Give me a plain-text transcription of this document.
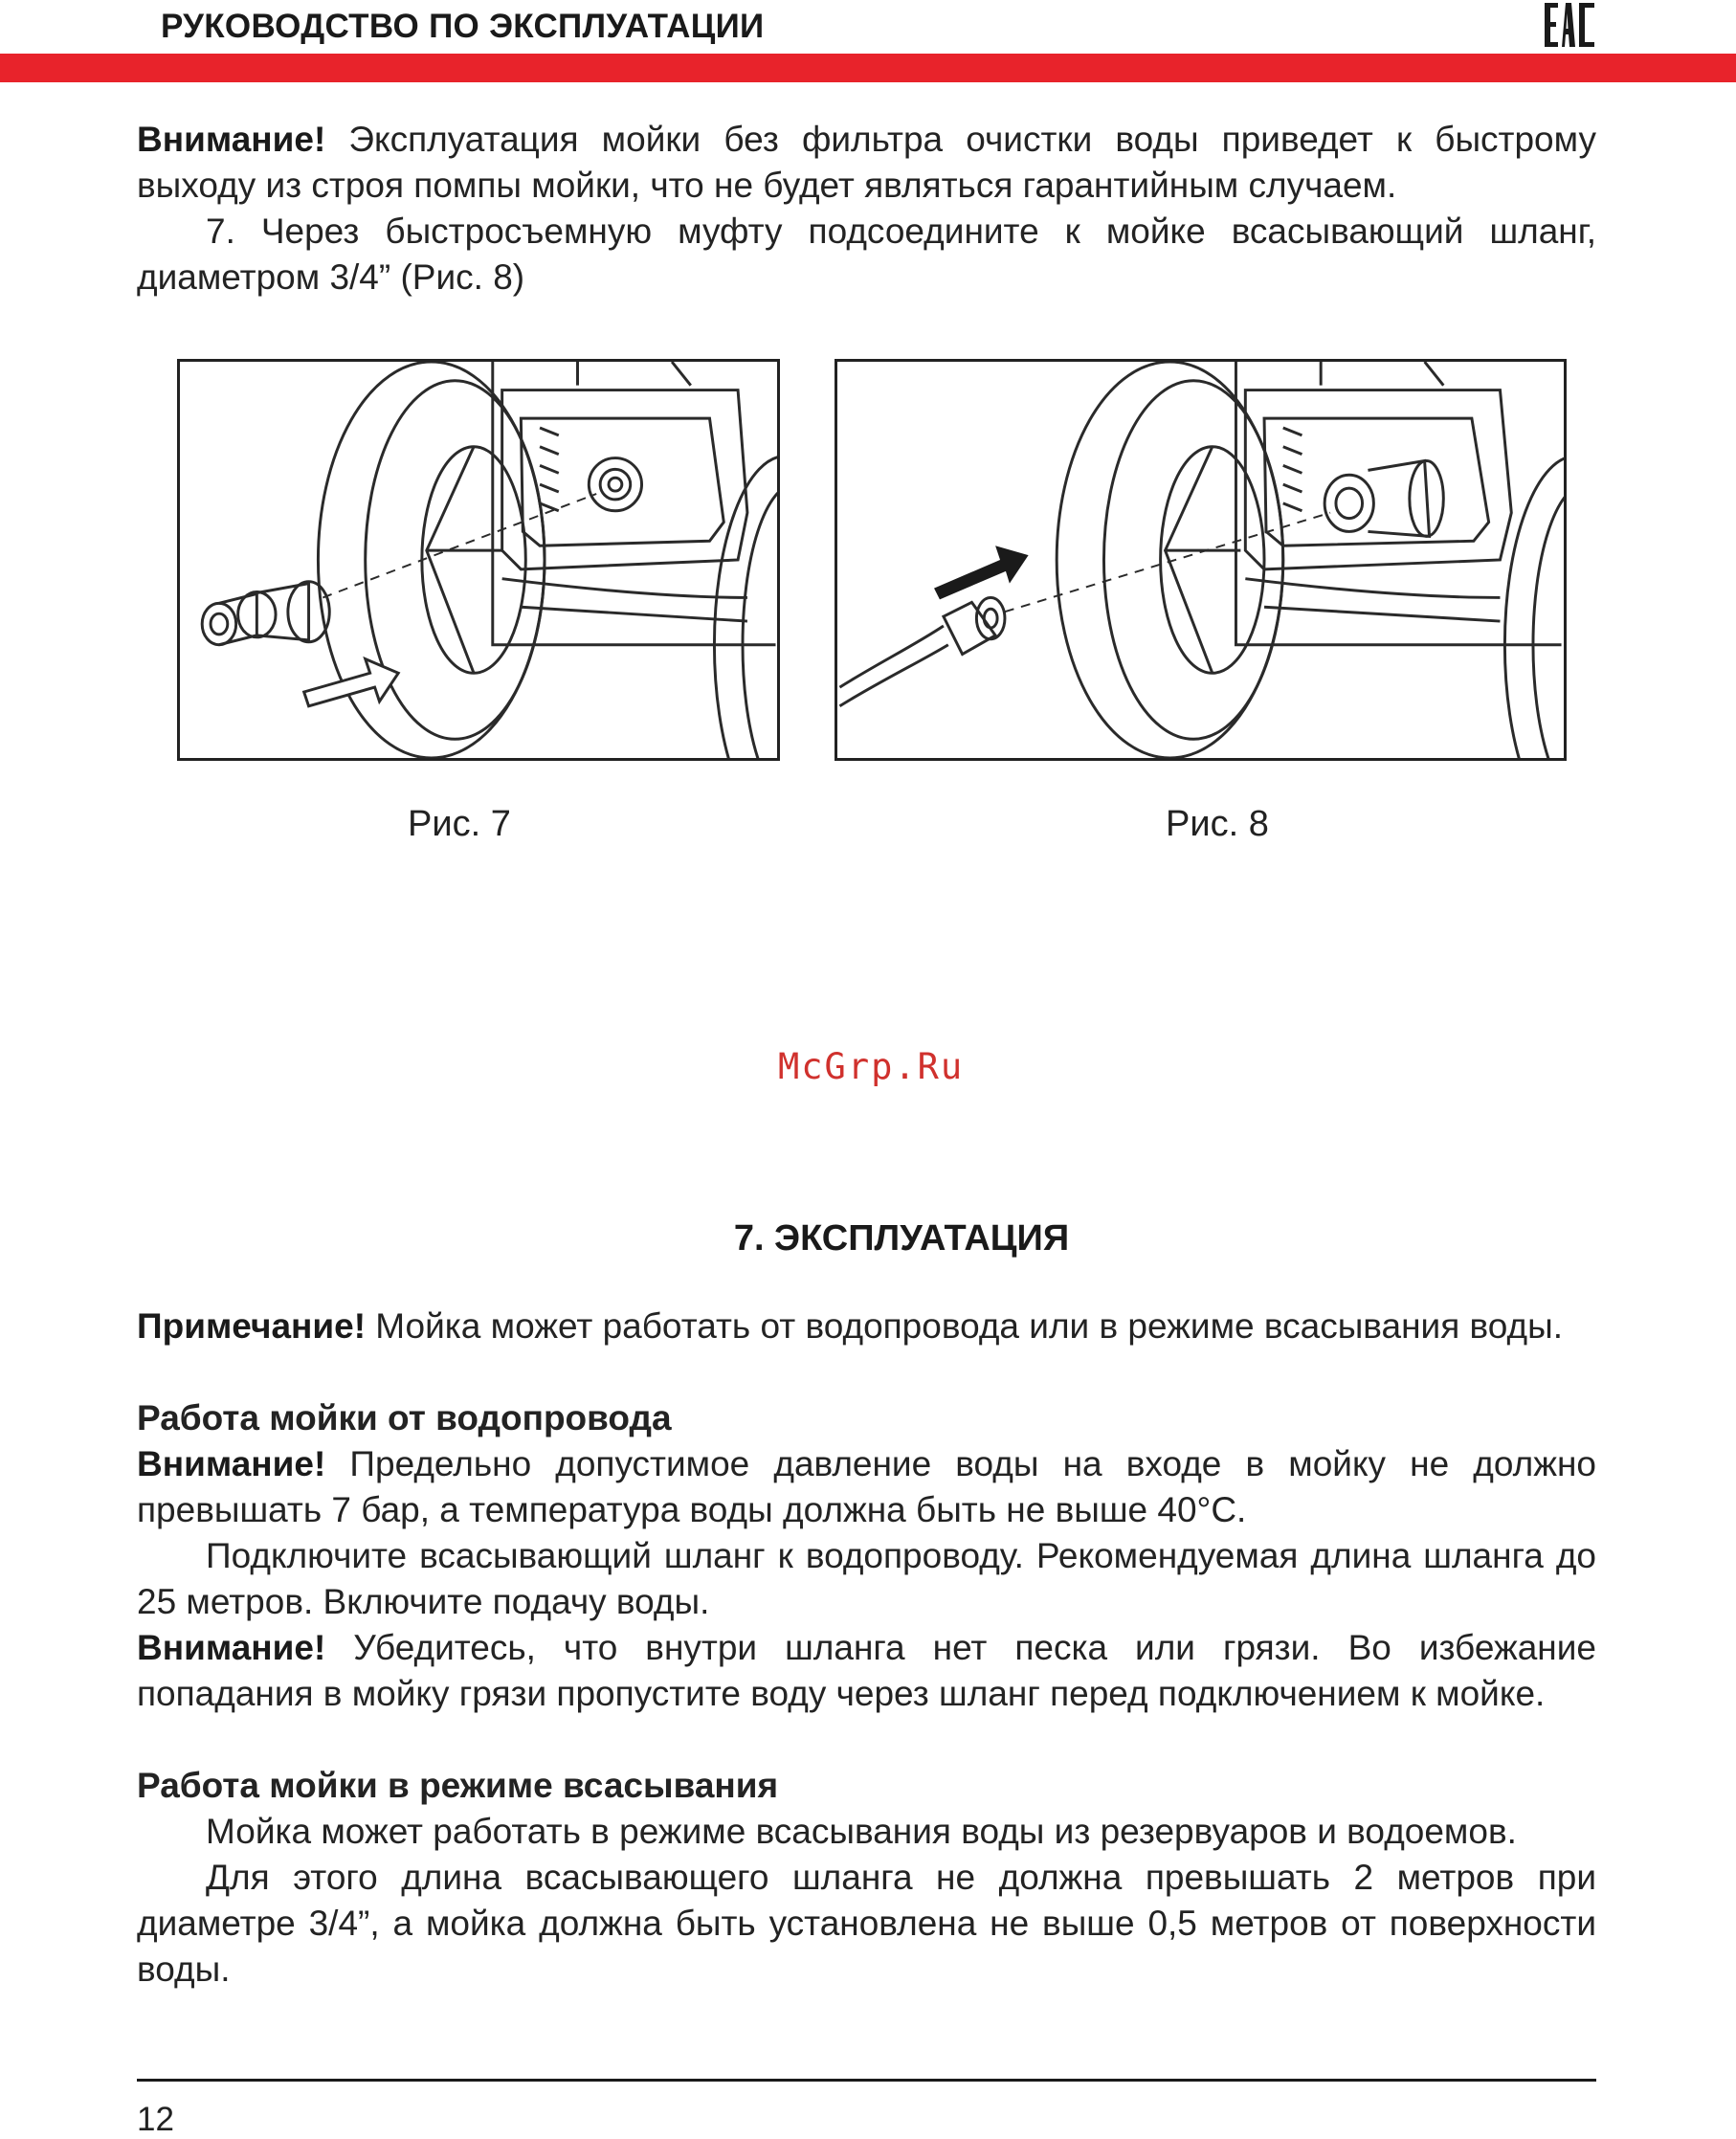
РУКОВОДСТВО ПО ЭКСПЛУАТАЦИИ

Внимание! Эксплуатация мойки без фильтра очистки воды приведет к быстрому выходу из строя помпы мойки, что не будет являться гарантийным случаем.

7. Через быстросъемную муфту подсоедините к мойке всасывающий шланг, диаметром 3/4” (Рис. 8)

Рис. 7	Рис. 8
McGrp.Ru
7. ЭКСПЛУАТАЦИЯ

Примечание! Мойка может работать от водопровода или в режиме всасывания воды.

Работа мойки от водопровода

Внимание! Предельно допустимое давление воды на входе в мойку не должно превышать 7 бар, а температура воды должна быть не выше 40°С.

Подключите всасывающий шланг к водопроводу. Рекомендуемая длина шланга до 25 метров. Включите подачу воды.

Внимание! Убедитесь, что внутри шланга нет песка или грязи. Во избежание попадания в мойку грязи пропустите воду через шланг перед подключением к мойке.

Работа мойки в режиме всасывания

Мойка может работать в режиме всасывания воды из резервуаров и водоемов.

Для этого длина всасывающего шланга не должна превышать 2 метров при диаметре 3/4”, а мойка должна быть установлена не выше 0,5 метров от поверхности воды.

12
